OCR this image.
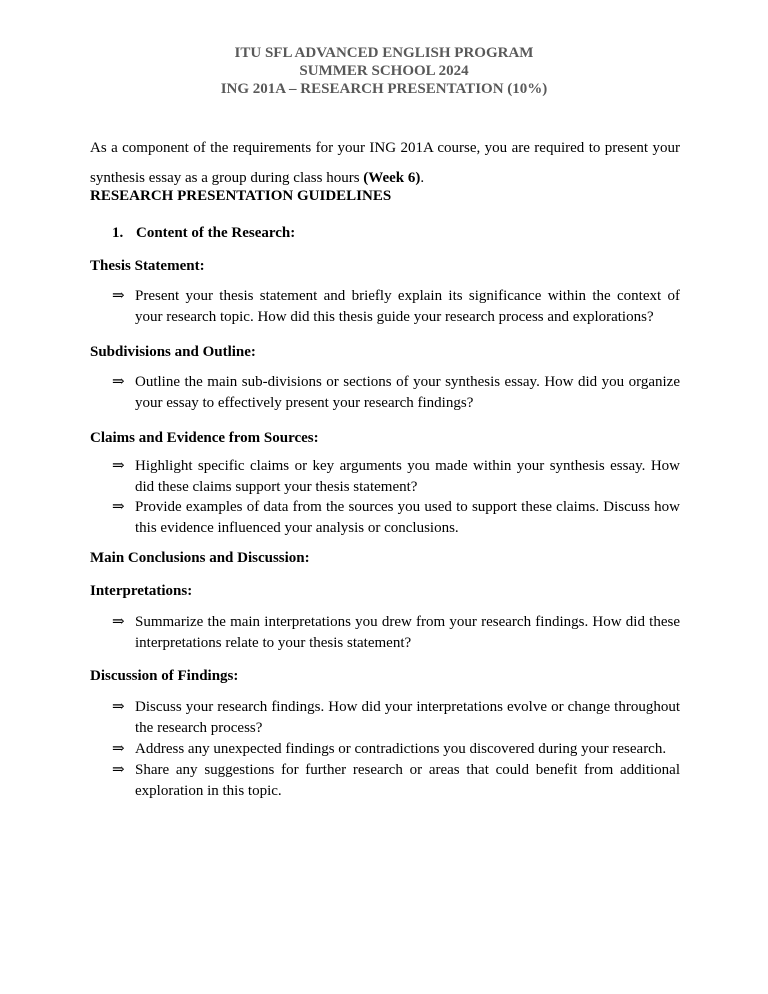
ITU SFL ADVANCED ENGLISH PROGRAM
SUMMER SCHOOL 2024
ING 201A – RESEARCH PRESENTATION (10%)
As a component of the requirements for your ING 201A course, you are required to present your synthesis essay as a group during class hours (Week 6).
RESEARCH PRESENTATION GUIDELINES
1. Content of the Research:
Thesis Statement:
⇒ Present your thesis statement and briefly explain its significance within the context of your research topic. How did this thesis guide your research process and explorations?
Subdivisions and Outline:
⇒ Outline the main sub-divisions or sections of your synthesis essay. How did you organize your essay to effectively present your research findings?
Claims and Evidence from Sources:
⇒ Highlight specific claims or key arguments you made within your synthesis essay. How did these claims support your thesis statement?
⇒ Provide examples of data from the sources you used to support these claims. Discuss how this evidence influenced your analysis or conclusions.
Main Conclusions and Discussion:
Interpretations:
⇒ Summarize the main interpretations you drew from your research findings. How did these interpretations relate to your thesis statement?
Discussion of Findings:
⇒ Discuss your research findings. How did your interpretations evolve or change throughout the research process?
⇒ Address any unexpected findings or contradictions you discovered during your research.
⇒ Share any suggestions for further research or areas that could benefit from additional exploration in this topic.
